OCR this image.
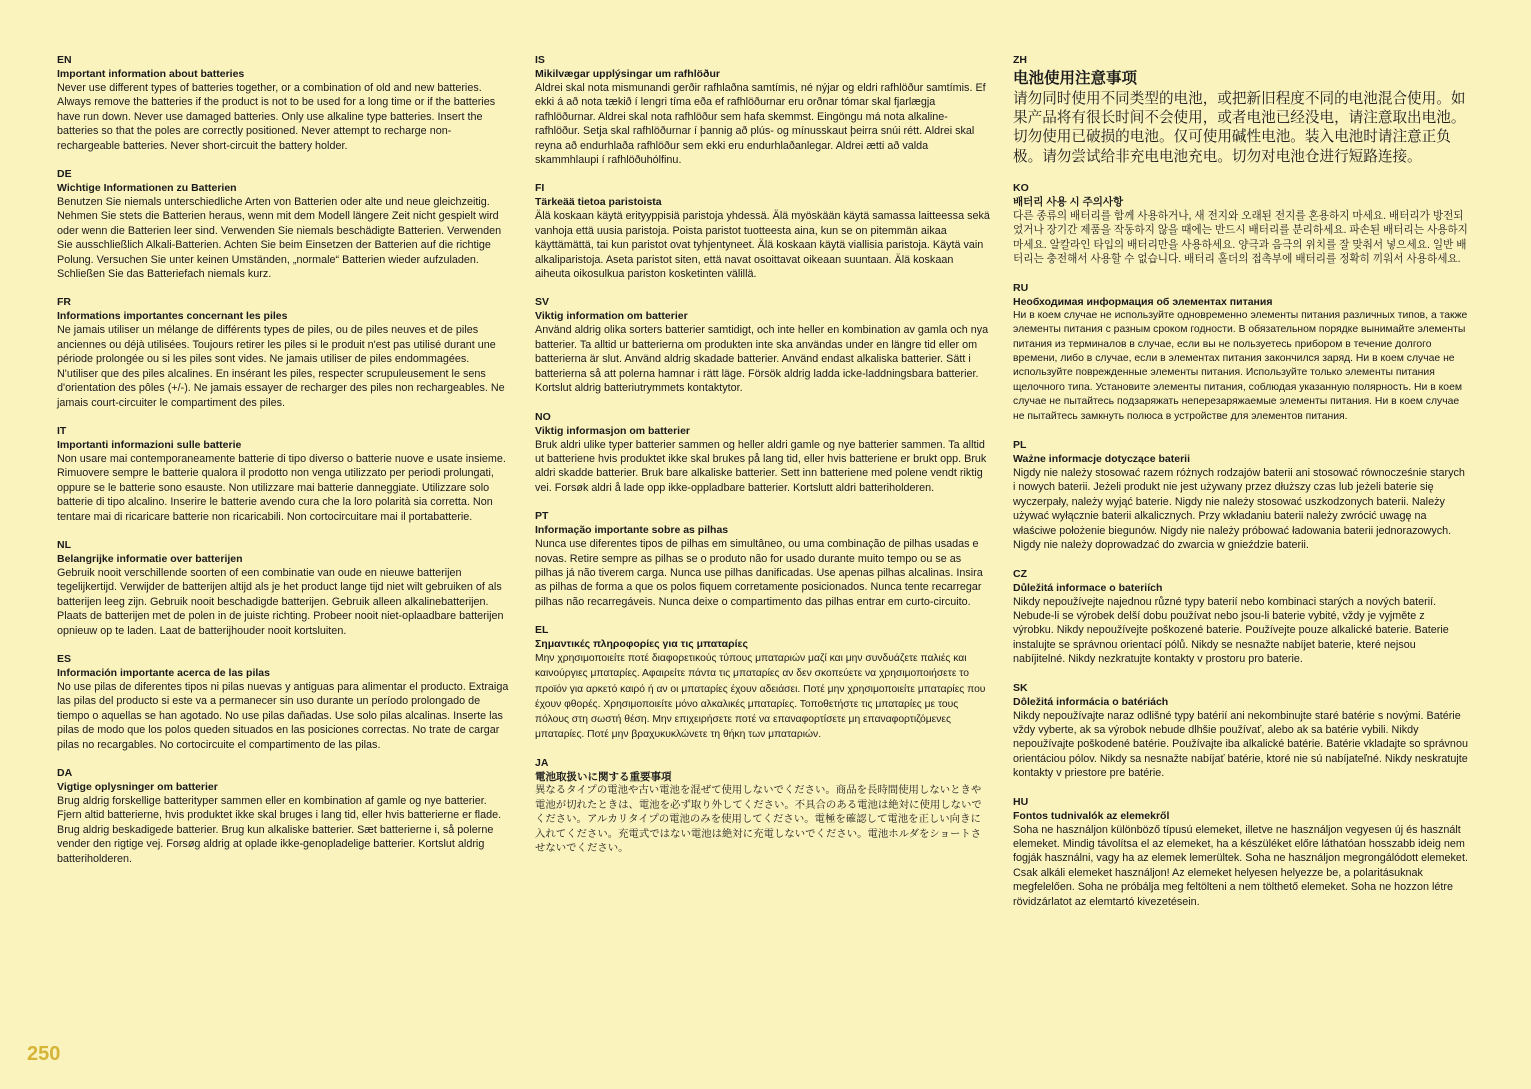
EN
Important information about batteries
Never use different types of batteries together, or a combination of old and new batteries. Always remove the batteries if the product is not to be used for a long time or if the batteries have run down. Never use damaged batteries. Only use alkaline type batteries. Insert the batteries so that the poles are correctly positioned. Never attempt to recharge non-rechargeable batteries. Never short-circuit the battery holder.
DE
Wichtige Informationen zu Batterien
Benutzen Sie niemals unterschiedliche Arten von Batterien oder alte und neue gleichzeitig. Nehmen Sie stets die Batterien heraus, wenn mit dem Modell längere Zeit nicht gespielt wird oder wenn die Batterien leer sind. Verwenden Sie niemals beschädigte Batterien. Verwenden Sie ausschließlich Alkali-Batterien. Achten Sie beim Einsetzen der Batterien auf die richtige Polung. Versuchen Sie unter keinen Umständen, „normale“ Batterien wieder aufzuladen. Schließen Sie das Batteriefach niemals kurz.
FR
Informations importantes concernant les piles
Ne jamais utiliser un mélange de différents types de piles, ou de piles neuves et de piles anciennes ou déjà utilisées. Toujours retirer les piles si le produit n'est pas utilisé durant une période prolongée ou si les piles sont vides. Ne jamais utiliser de piles endommagées. N'utiliser que des piles alcalines. En insérant les piles, respecter scrupuleusement le sens d'orientation des pôles (+/-). Ne jamais essayer de recharger des piles non rechargeables. Ne jamais court-circuiter le compartiment des piles.
IT
Importanti informazioni sulle batterie
Non usare mai contemporaneamente batterie di tipo diverso o batterie nuove e usate insieme. Rimuovere sempre le batterie qualora il prodotto non venga utilizzato per periodi prolungati, oppure se le batterie sono esauste. Non utilizzare mai batterie danneggiate. Utilizzare solo batterie di tipo alcalino. Inserire le batterie avendo cura che la loro polarità sia corretta. Non tentare mai di ricaricare batterie non ricaricabili. Non cortocircuitare mai il portabatterie.
NL
Belangrijke informatie over batterijen
Gebruik nooit verschillende soorten of een combinatie van oude en nieuwe batterijen tegelijkertijd. Verwijder de batterijen altijd als je het product lange tijd niet wilt gebruiken of als batterijen leeg zijn. Gebruik nooit beschadigde batterijen. Gebruik alleen alkalinebatterijen. Plaats de batterijen met de polen in de juiste richting. Probeer nooit niet-oplaadbare batterijen opnieuw op te laden. Laat de batterijhouder nooit kortsluiten.
ES
Información importante acerca de las pilas
No use pilas de diferentes tipos ni pilas nuevas y antiguas para alimentar el producto. Extraiga las pilas del producto si este va a permanecer sin uso durante un período prolongado de tiempo o aquellas se han agotado. No use pilas dañadas. Use solo pilas alcalinas. Inserte las pilas de modo que los polos queden situados en las posiciones correctas. No trate de cargar pilas no recargables. No cortocircuite el compartimento de las pilas.
DA
Vigtige oplysninger om batterier
Brug aldrig forskellige batterityper sammen eller en kombination af gamle og nye batterier. Fjern altid batterierne, hvis produktet ikke skal bruges i lang tid, eller hvis batterierne er flade. Brug aldrig beskadigede batterier. Brug kun alkaliske batterier. Sæt batterierne i, så polerne vender den rigtige vej. Forsøg aldrig at oplade ikke-genopladelige batterier. Kortslut aldrig batteriholderen.
IS
Mikilvægar upplýsingar um rafhlöður
Aldrei skal nota mismunandi gerðir rafhlaðna samtímis, né nýjar og eldri rafhlöður samtímis. Ef ekki á að nota tækið í lengri tíma eða ef rafhlöðurnar eru orðnar tómar skal fjarlægja rafhlöðurnar. Aldrei skal nota rafhlöður sem hafa skemmst. Eingöngu má nota alkaline-rafhlöður. Setja skal rafhlöðurnar í þannig að plús- og mínusskaut þeirra snúi rétt. Aldrei skal reyna að endurhlaða rafhlöður sem ekki eru endurhlaðanlegar. Aldrei ætti að valda skammhlaupi í rafhlöðuhólfinu.
FI
Tärkeää tietoa paristoista
Älä koskaan käytä erityyppisiä paristoja yhdessä. Älä myöskään käytä samassa laitteessa sekä vanhoja että uusia paristoja. Poista paristot tuotteesta aina, kun se on pitemmän aikaa käyttämättä, tai kun paristot ovat tyhjentyneet. Älä koskaan käytä viallisia paristoja. Käytä vain alkaliparistoja. Aseta paristot siten, että navat osoittavat oikeaan suuntaan. Älä koskaan aiheuta oikosulkua pariston kosketinten välillä.
SV
Viktig information om batterier
Använd aldrig olika sorters batterier samtidigt, och inte heller en kombination av gamla och nya batterier. Ta alltid ur batterierna om produkten inte ska användas under en längre tid eller om batterierna är slut. Använd aldrig skadade batterier. Använd endast alkaliska batterier. Sätt i batterierna så att polerna hamnar i rätt läge. Försök aldrig ladda icke-laddningsbara batterier. Kortslut aldrig batteriutrymmets kontaktytor.
NO
Viktig informasjon om batterier
Bruk aldri ulike typer batterier sammen og heller aldri gamle og nye batterier sammen. Ta alltid ut batteriene hvis produktet ikke skal brukes på lang tid, eller hvis batteriene er brukt opp. Bruk aldri skadde batterier. Bruk bare alkaliske batterier. Sett inn batteriene med polene vendt riktig vei. Forsøk aldri å lade opp ikke-oppladbare batterier. Kortslutt aldri batteriholderen.
PT
Informação importante sobre as pilhas
Nunca use diferentes tipos de pilhas em simultâneo, ou uma combinação de pilhas usadas e novas. Retire sempre as pilhas se o produto não for usado durante muito tempo ou se as pilhas já não tiverem carga. Nunca use pilhas danificadas. Use apenas pilhas alcalinas. Insira as pilhas de forma a que os polos fiquem corretamente posicionados. Nunca tente recarregar pilhas não recarregáveis. Nunca deixe o compartimento das pilhas entrar em curto-circuito.
EL
Σημαντικές πληροφορίες για τις μπαταρίες
Μην χρησιμοποιείτε ποτέ διαφορετικούς τύπους μπαταριών μαζί και μην συνδυάζετε παλιές και καινούργιες μπαταρίες. Αφαιρείτε πάντα τις μπαταρίες αν δεν σκοπεύετε να χρησιμοποιήσετε το προϊόν για αρκετό καιρό ή αν οι μπαταρίες έχουν αδειάσει. Ποτέ μην χρησιμοποιείτε μπαταρίες που έχουν φθορές. Χρησιμοποιείτε μόνο αλκαλικές μπαταρίες. Τοποθετήστε τις μπαταρίες με τους πόλους στη σωστή θέση. Μην επιχειρήσετε ποτέ να επαναφορτίσετε μη επαναφορτιζόμενες μπαταρίες. Ποτέ μην βραχυκυκλώνετε τη θήκη των μπαταριών.
JA
電池取扱いに関する重要事項
異なるタイプの電池や古い電池を混ぜて使用しないでください。商品を長時間使用しないときや電池が切れたときは、電池を必ず取り外してください。不具合のある電池は絶対に使用しないでください。アルカリタイプの電池のみを使用してください。電極を確認して電池を正しい向きに入れてください。充電式ではない電池は絶対に充電しないでください。電池ホルダをショートさせないでください。
ZH
电池使用注意事项
请勿同时使用不同类型的电池，或把新旧程度不同的电池混合使用。如果产品将有很长时间不会使用，或者电池已经没电，请注意取出电池。切勿使用已破损的电池。仅可使用碱性电池。装入电池时请注意正负极。请勿尝试给非充电电池充电。切勿对电池仓进行短路连接。
KO
배터리 사용 시 주의사항
다른 종류의 배터리를 함께 사용하거나, 새 전지와 오래된 전지를 혼용하지 마세요. 배터리가 방전되었거나 장기간 제품을 작동하지 않을 때에는 반드시 배터리를 분리하세요. 파손된 배터리는 사용하지 마세요. 알칼라인 타입의 배터리만을 사용하세요. 양극과 음극의 위치를 잘 맞춰서 넣으세요. 일반 배터리는 충전해서 사용할 수 없습니다. 배터리 홀더의 접촉부에 배터리를 정확히 끼워서 사용하세요.
RU
Необходимая информация об элементах питания
Ни в коем случае не используйте одновременно элементы питания различных типов, а также элементы питания с разным сроком годности. В обязательном порядке вынимайте элементы питания из терминалов в случае, если вы не пользуетесь прибором в течение долгого времени, либо в случае, если в элементах питания закончился заряд. Ни в коем случае не используйте поврежденные элементы питания. Используйте только элементы питания щелочного типа. Установите элементы питания, соблюдая указанную полярность. Ни в коем случае не пытайтесь подзаряжать неперезаряжаемые элементы питания. Ни в коем случае не пытайтесь замкнуть полюса в устройстве для элементов питания.
PL
Ważne informacje dotyczące baterii
Nigdy nie należy stosować razem różnych rodzajów baterii ani stosować równocześnie starych i nowych baterii. Jeżeli produkt nie jest używany przez dłuższy czas lub jeżeli baterie się wyczerpały, należy wyjąć baterie. Nigdy nie należy stosować uszkodzonych baterii. Należy używać wyłącznie baterii alkalicznych. Przy wkładaniu baterii należy zwrócić uwagę na właściwe położenie biegunów. Nigdy nie należy próbować ładowania baterii jednorazowych. Nigdy nie należy doprowadzać do zwarcia w gnieździe baterii.
CZ
Důležitá informace o bateriích
Nikdy nepoužívejte najednou různé typy baterií nebo kombinaci starých a nových baterií. Nebude-li se výrobek delší dobu používat nebo jsou-li baterie vybité, vždy je vyjměte z výrobku. Nikdy nepoužívejte poškozené baterie. Používejte pouze alkalické baterie. Baterie instalujte se správnou orientací pólů. Nikdy se nesnažte nabíjet baterie, které nejsou nabíjitelné. Nikdy nezkratujte kontakty v prostoru pro baterie.
SK
Dôležitá informácia o batériách
Nikdy nepoužívajte naraz odlišné typy batérií ani nekombinujte staré batérie s novými. Batérie vždy vyberte, ak sa výrobok nebude dlhšie používať, alebo ak sa batérie vybili. Nikdy nepoužívajte poškodené batérie. Používajte iba alkalické batérie. Batérie vkladajte so správnou orientáciou pólov. Nikdy sa nesnažte nabíjať batérie, ktoré nie sú nabíjateľné. Nikdy neskratujte kontakty v priestore pre batérie.
HU
Fontos tudnivalók az elemekről
Soha ne használjon különböző típusú elemeket, illetve ne használjon vegyesen új és használt elemeket. Mindig távolítsa el az elemeket, ha a készüléket előre láthatóan hosszabb ideig nem fogják használni, vagy ha az elemek lemerültek. Soha ne használjon megrongálódott elemeket. Csak alkáli elemeket használjon! Az elemeket helyesen helyezze be, a polaritásuknak megfelelően. Soha ne próbálja meg feltölteni a nem tölthető elemeket. Soha ne hozzon létre rövidzárlatot az elemtartó kivezetésein.
250
